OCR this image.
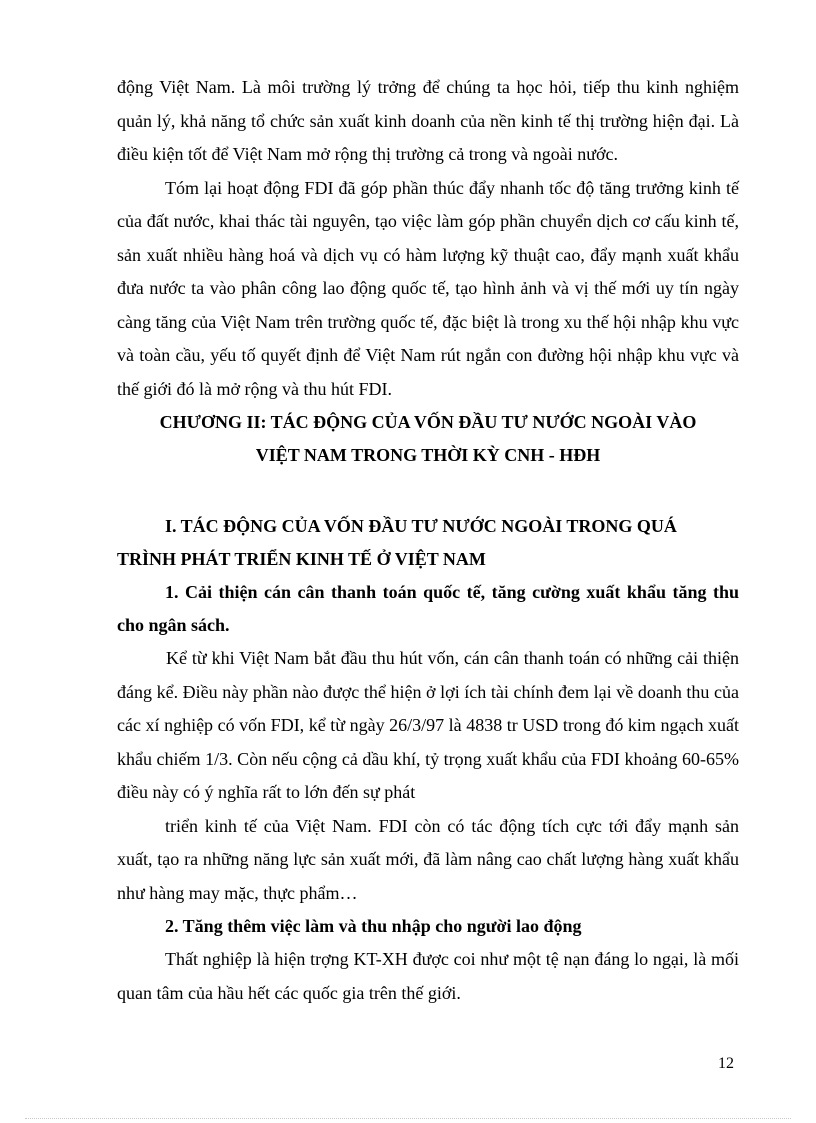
động Việt Nam. Là môi trường lý trởng để chúng ta học hỏi, tiếp thu kinh nghiệm quản lý, khả năng tổ chức sản xuất kinh doanh của nền kinh tế thị trường hiện đại. Là điều kiện tốt để Việt Nam mở rộng thị trường cả trong và ngoài nước.

Tóm lại hoạt động FDI đã góp phần thúc đẩy nhanh tốc độ tăng trưởng kinh tế của đất nước, khai thác tài nguyên, tạo việc làm góp phần chuyển dịch cơ cấu kinh tế, sản xuất nhiều hàng hoá và dịch vụ có hàm lượng kỹ thuật cao, đẩy mạnh xuất khẩu đưa nước ta vào phân công lao động quốc tế, tạo hình ảnh và vị thế mới uy tín ngày càng tăng của Việt Nam trên trường quốc tế, đặc biệt là trong xu thế hội nhập khu vực và toàn cầu, yếu tố quyết định để Việt Nam rút ngắn con đường hội nhập khu vực và thế giới đó là mở rộng và thu hút FDI.

CHƯƠNG II: TÁC ĐỘNG CỦA VỐN ĐẦU TƯ NƯỚC NGOÀI VÀO

VIỆT NAM TRONG THỜI KỲ CNH - HĐH

I. TÁC ĐỘNG CỦA VỐN ĐẦU TƯ NƯỚC NGOÀI TRONG QUÁ
TRÌNH PHÁT TRIỂN KINH TẾ Ở VIỆT NAM

1. Cải thiện cán cân thanh toán quốc tế, tăng cường xuất khẩu tăng thu cho ngân sách.

Kể từ khi Việt Nam bắt đầu thu hút vốn, cán cân thanh toán có những cải thiện đáng kể. Điều này phần nào được thể hiện ở lợi ích tài chính đem lại về doanh thu của các xí nghiệp có vốn FDI, kể từ ngày 26/3/97 là 4838 tr USD trong đó kim ngạch xuất khẩu chiếm 1/3. Còn nếu cộng cả dầu khí, tỷ trọng xuất khẩu của FDI khoảng 60-65% điều này có ý nghĩa rất to lớn đến sự phát

triển kinh tế của Việt Nam. FDI còn có tác động tích cực tới đẩy mạnh sản xuất, tạo ra những năng lực sản xuất mới, đã làm nâng cao chất lượng hàng xuất khẩu như hàng may mặc, thực phẩm…

2. Tăng thêm việc làm và thu nhập cho người lao động

Thất nghiệp là hiện trợng KT-XH được coi như một tệ nạn đáng lo ngại, là mối quan tâm của hầu hết các quốc gia trên thế giới.

12
